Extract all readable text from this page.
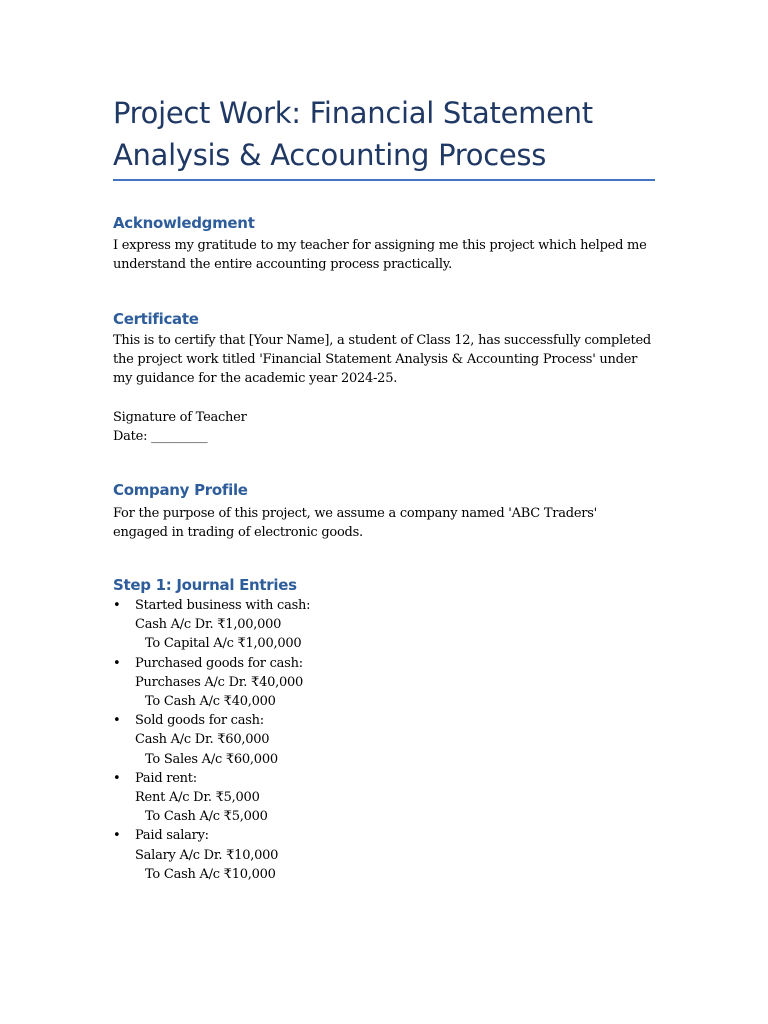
Project Work: Financial Statement Analysis & Accounting Process
Acknowledgment

I express my gratitude to my teacher for assigning me this project which helped me understand the entire accounting process practically.

Certificate

This is to certify that [Your Name], a student of Class 12, has successfully completed the project work titled 'Financial Statement Analysis & Accounting Process' under my guidance for the academic year 2024-25.

Signature of Teacher

Date: _________

Company Profile

For the purpose of this project, we assume a company named 'ABC Traders' engaged in trading of electronic goods.

Step 1: Journal Entries
• Started business with cash:
Cash A/c Dr. ₹1,00,000
To Capital A/c ₹1,00,000
• Purchased goods for cash:
Purchases A/c Dr. ₹40,000
To Cash A/c ₹40,000
• Sold goods for cash:
Cash A/c Dr. ₹60,000
To Sales A/c ₹60,000
• Paid rent:
Rent A/c Dr. ₹5,000
To Cash A/c ₹5,000
• Paid salary:
Salary A/c Dr. ₹10,000
To Cash A/c ₹10,000
